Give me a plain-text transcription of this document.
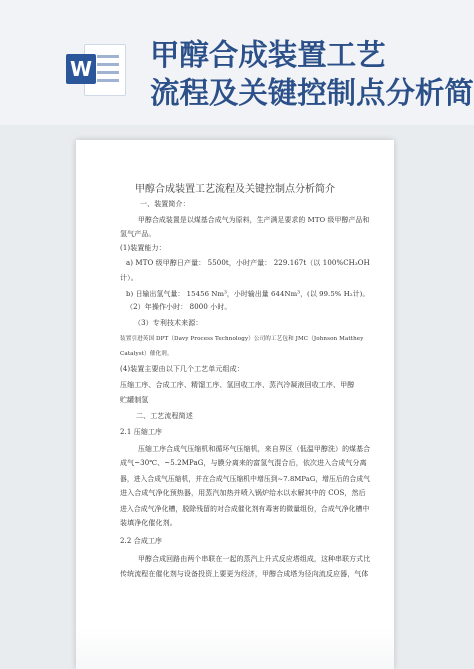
W 甲醇合成装置工艺
流程及关键控制点分析简
甲醇合成装置工艺流程及关键控制点分析简介
一、装置简介：
甲醇合成装置是以煤基合成气为原料，生产满足要求的 MTO 级甲醇产品和
氢气产品。
(1)装置能力：
a) MTO 级甲醇日产量： 5500t，小时产量： 229.167t（以 100%CH₃OH
计）。
b) 日输出氢气量： 15456 Nm³，小时输出量 644Nm³，(以 99.5% H₂计)。
（2）年操作小时： 8000 小时。
（3）专利技术来源：
装置引进英国 DPT（Davy Process Technology）公司的工艺包和 JMC（Johnson Matthey
Catalyst）催化剂。
(4)装置主要由以下几个工艺单元组成：
压缩工序、合成工序、精馏工序、氢回收工序、蒸汽冷凝液回收工序、甲醇
贮罐制氢
二、工艺流程简述
2.1 压缩工序
压缩工序合成气压缩机和循环气压缩机，来自界区（低温甲醇洗）的煤基合
成气~30℃、~5.2MPaG，与膜分离来的富氢气混合后，依次进入合成气分离
器，进入合成气压缩机，并在合成气压缩机中增压到~7.8MPaG，增压后的合成气
进入合成气净化预热器，用蒸汽加热并喷入锅炉给水以水解其中的 COS，然后
进入合成气净化槽，脱除残留的对合成催化剂有毒害的微量组份，合成气净化槽中
装填净化催化剂。
2.2 合成工序
甲醇合成回路由两个串联在一起的蒸汽上升式反应塔组成，这种串联方式比
传统流程在催化剂与设备投资上要更为经济，甲醇合成塔为径向流反应器，气体
